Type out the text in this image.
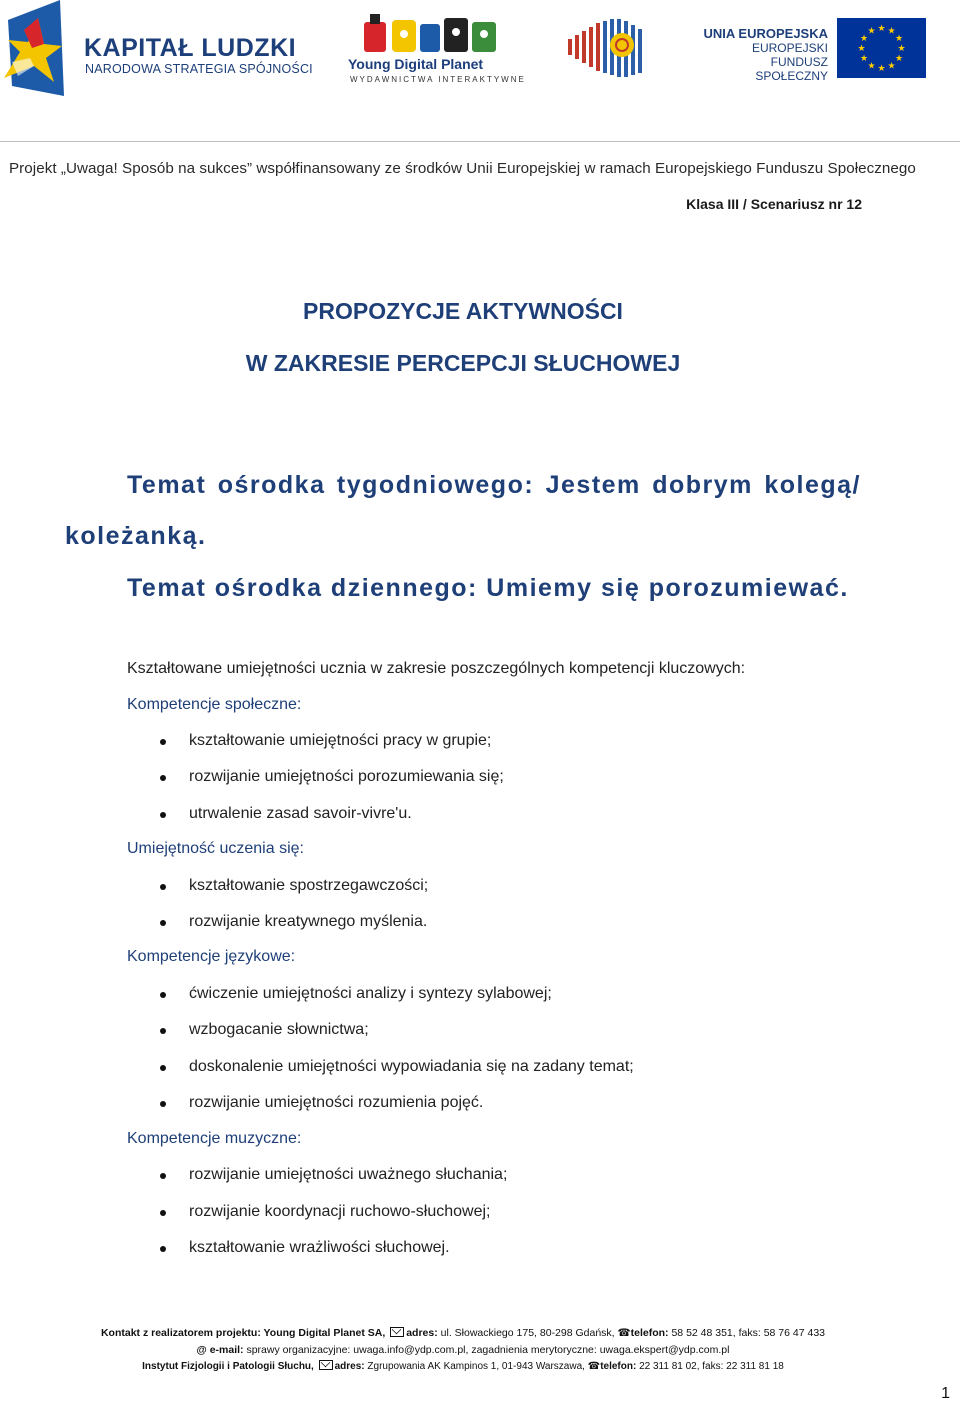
KAPITAŁ LUDZKI
NARODOWA STRATEGIA SPÓJNOŚCI	Young Digital Planet
WYDAWNICTWA INTERAKTYWNE
UNIA EUROPEJSKA
EUROPEJSKI
FUNDUSZ SPOŁECZNY
★ ★
★
★
★
★
★
★
★
★
★
★
Projekt „Uwaga! Sposób na sukces” współfinansowany ze środków Unii Europejskiej w ramach Europejskiego Funduszu Społecznego
Klasa III / Scenariusz nr 12
PROPOZYCJE AKTYWNOŚCI
W ZAKRESIE PERCEPCJI SŁUCHOWEJ
Temat ośrodka tygodniowego: Jestem dobrym kolegą/
koleżanką.
Temat ośrodka dziennego: Umiemy się porozumiewać.
Kształtowane umiejętności ucznia w zakresie poszczególnych kompetencji kluczowych:
Kompetencje społeczne:
kształtowanie umiejętności pracy w grupie;
rozwijanie umiejętności porozumiewania się;
utrwalenie zasad savoir-vivre'u.
Umiejętność uczenia się:
kształtowanie spostrzegawczości;
rozwijanie kreatywnego myślenia.
Kompetencje językowe:
ćwiczenie umiejętności analizy i syntezy sylabowej;
wzbogacanie słownictwa;
doskonalenie umiejętności wypowiadania się na zadany temat;
rozwijanie umiejętności rozumienia pojęć.
Kompetencje muzyczne:
rozwijanie umiejętności uważnego słuchania;
rozwijanie koordynacji ruchowo-słuchowej;
kształtowanie wrażliwości słuchowej.
Kontakt z realizatorem projektu: Young Digital Planet SA, adres: ul. Słowackiego 175, 80-298 Gdańsk, ☎telefon: 58 52 48 351, faks: 58 76 47 433
@ e-mail: sprawy organizacyjne: uwaga.info@ydp.com.pl, zagadnienia merytoryczne: uwaga.ekspert@ydp.com.pl
Instytut Fizjologii i Patologii Słuchu, adres: Zgrupowania AK Kampinos 1, 01-943 Warszawa, ☎telefon: 22 311 81 02, faks: 22 311 81 18
1
